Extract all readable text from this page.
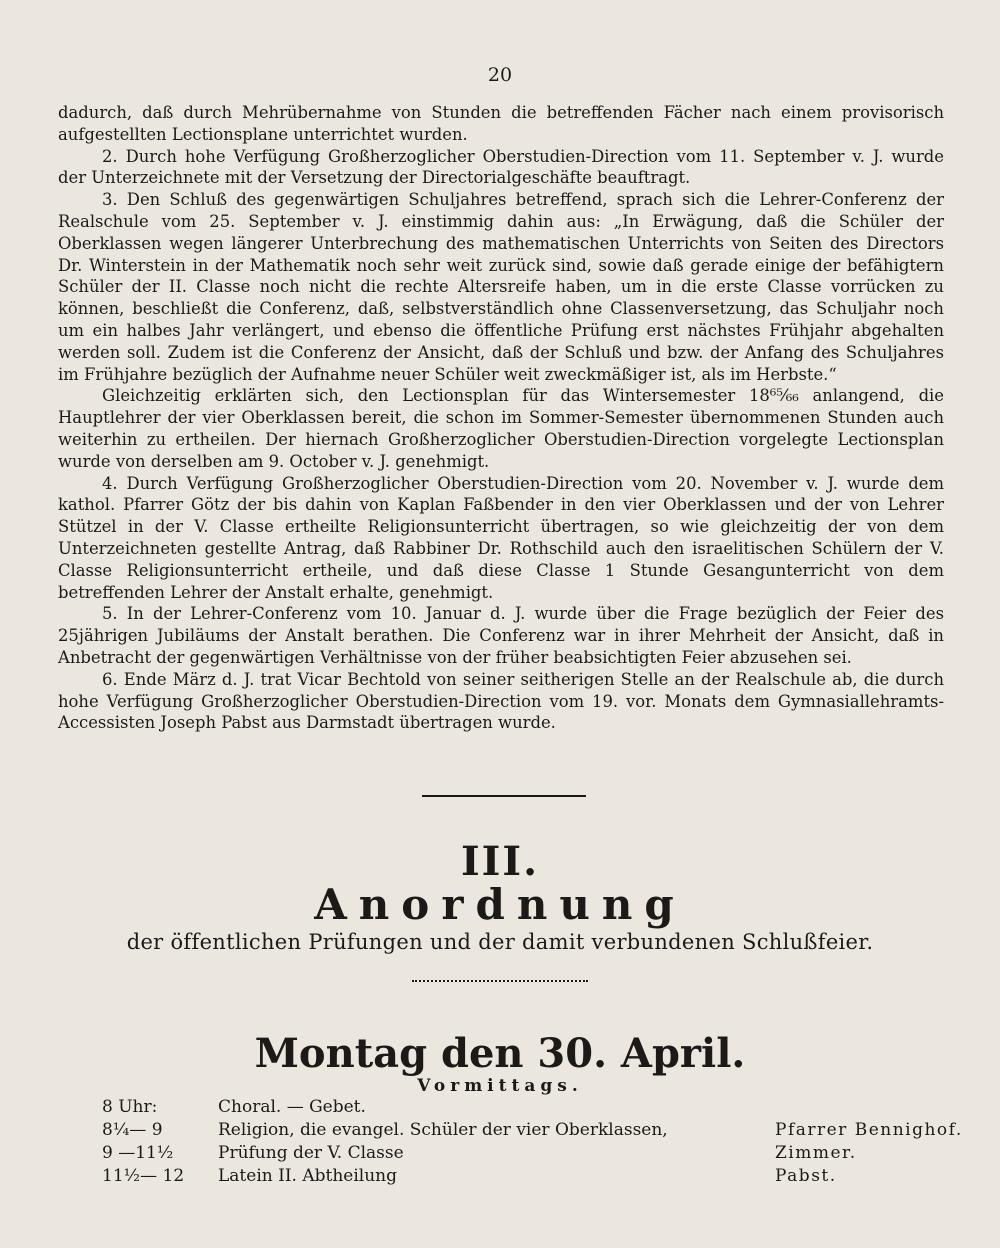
20

dadurch, daß durch Mehrübernahme von Stunden die betreffenden Fächer nach einem provisorisch aufgestellten Lectionsplane unterrichtet wurden.

2. Durch hohe Verfügung Großherzoglicher Oberstudien-Direction vom 11. September v. J. wurde der Unterzeichnete mit der Versetzung der Directorialgeschäfte beauftragt.

3. Den Schluß des gegenwärtigen Schuljahres betreffend, sprach sich die Lehrer-Conferenz der Realschule vom 25. September v. J. einstimmig dahin aus: „In Erwägung, daß die Schüler der Oberklassen wegen längerer Unterbrechung des mathematischen Unterrichts von Seiten des Directors Dr. Winterstein in der Mathematik noch sehr weit zurück sind, sowie daß gerade einige der befähigtern Schüler der II. Classe noch nicht die rechte Altersreife haben, um in die erste Classe vorrücken zu können, beschließt die Conferenz, daß, selbstverständlich ohne Classenversetzung, das Schuljahr noch um ein halbes Jahr verlängert, und ebenso die öffentliche Prüfung erst nächstes Frühjahr abgehalten werden soll. Zudem ist die Conferenz der Ansicht, daß der Schluß und bzw. der Anfang des Schuljahres im Frühjahre bezüglich der Aufnahme neuer Schüler weit zweckmäßiger ist, als im Herbste.“

Gleichzeitig erklärten sich, den Lectionsplan für das Wintersemester 18⁶⁵⁄₆₆ anlangend, die Hauptlehrer der vier Oberklassen bereit, die schon im Sommer-Semester übernommenen Stunden auch weiterhin zu ertheilen. Der hiernach Großherzoglicher Oberstudien-Direction vorgelegte Lectionsplan wurde von derselben am 9. October v. J. genehmigt.

4. Durch Verfügung Großherzoglicher Oberstudien-Direction vom 20. November v. J. wurde dem kathol. Pfarrer Götz der bis dahin von Kaplan Faßbender in den vier Oberklassen und der von Lehrer Stützel in der V. Classe ertheilte Religionsunterricht übertragen, so wie gleichzeitig der von dem Unterzeichneten gestellte Antrag, daß Rabbiner Dr. Rothschild auch den israelitischen Schülern der V. Classe Religionsunterricht ertheile, und daß diese Classe 1 Stunde Gesangunterricht von dem betreffenden Lehrer der Anstalt erhalte, genehmigt.

5. In der Lehrer-Conferenz vom 10. Januar d. J. wurde über die Frage bezüglich der Feier des 25jährigen Jubiläums der Anstalt berathen. Die Conferenz war in ihrer Mehrheit der Ansicht, daß in Anbetracht der gegenwärtigen Verhältnisse von der früher beabsichtigten Feier abzusehen sei.

6. Ende März d. J. trat Vicar Bechtold von seiner seitherigen Stelle an der Realschule ab, die durch hohe Verfügung Großherzoglicher Oberstudien-Direction vom 19. vor. Monats dem Gymnasiallehramts-Accessisten Joseph Pabst aus Darmstadt übertragen wurde.

III.
Anordnung
der öffentlichen Prüfungen und der damit verbundenen Schlußfeier.
Montag den 30. April.
Vormittags.
8 Uhr:	Choral. — Gebet.
8¹⁄₄— 9	Religion, die evangel. Schüler der vier Oberklassen,	Pfarrer Bennighof.
9 —11¹⁄₂	Prüfung der V. Classe	Zimmer.
11¹⁄₂— 12	Latein II. Abtheilung	Pabst.
